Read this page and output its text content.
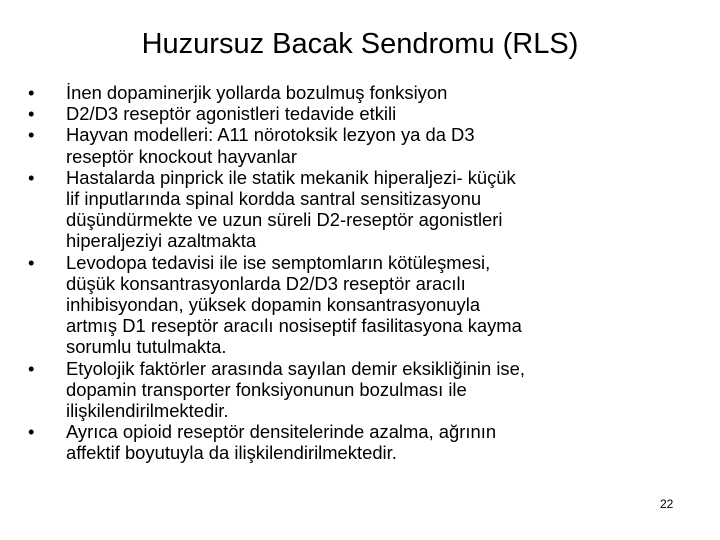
Huzursuz Bacak Sendromu (RLS)
•	İnen dopaminerjik yollarda bozulmuş fonksiyon
•	D2/D3 reseptör agonistleri tedavide etkili
•	Hayvan modelleri: A11 nörotoksik lezyon ya da D3
reseptör knockout hayvanlar
•	Hastalarda pinprick ile statik mekanik hiperaljezi- küçük
lif inputlarında spinal kordda santral sensitizasyonu
düşündürmekte ve uzun süreli D2-reseptör agonistleri
hiperaljeziyi azaltmakta
•	Levodopa tedavisi ile ise semptomların kötüleşmesi,
düşük konsantrasyonlarda D2/D3 reseptör aracılı
inhibisyondan, yüksek dopamin konsantrasyonuyla
artmış D1 reseptör aracılı nosiseptif fasilitasyona kayma
sorumlu tutulmakta.
•	Etyolojik faktörler arasında sayılan demir eksikliğinin ise,
dopamin transporter fonksiyonunun bozulması ile
ilişkilendirilmektedir.
•	Ayrıca opioid reseptör densitelerinde azalma, ağrının
affektif boyutuyla da ilişkilendirilmektedir.
22
